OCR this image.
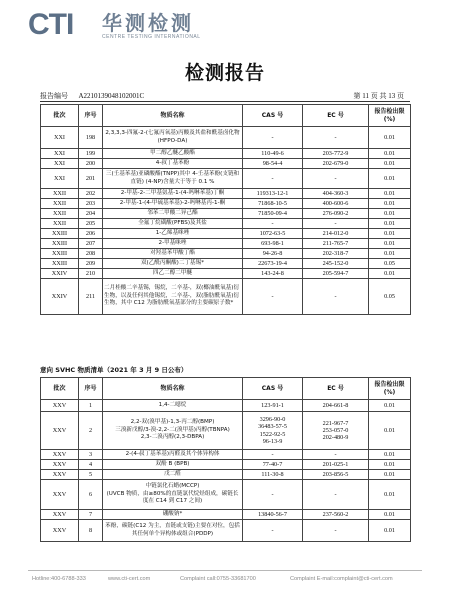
CTI 华测检测
CENTRE TESTING INTERNATIONAL
检测报告
报告编号 A2210139048102001C	第 11 页 共 13 页
批次	序号	物质名称	CAS 号	EC 号	报告检出限(%)
XXI	198	2,3,3,3-四氟-2-(七氟丙氧基)丙酸及其盐和酰基卤化物(HFPO-DA)	-	-	0.01
XXI	199	甲二醇乙醚乙酸酯	110-49-6	203-772-9	0.01
XXI	200	4-叔丁基苯酚	98-54-4	202-679-0	0.01
XXI	201	三(壬基苯基)亚磷酸酯(TNPP)其中 4-壬基苯酚(支链和直链) (4-NP)含量大于等于 0.1 %	-	-	0.01
XXII	202	2-甲基-2-二甲基氨基-1-(4-吗啉苯基)丁酮	119313-12-1	404-360-3	0.01
XXII	203	2-甲基-1-(4-甲硫基苯基)-2-吗啉基丙-1-酮	71868-10-5	400-600-6	0.01
XXII	204	邻苯二甲酸二异己酯	71850-09-4	276-090-2	0.01
XXII	205	全氟丁烷磺酸(PFBS)及其盐	-	-	0.01
XXIII	206	1-乙烯基咪唑	1072-63-5	214-012-0	0.01
XXIII	207	2-甲基咪唑	693-98-1	211-765-7	0.01
XXIII	208	对羟基苯甲酸丁酯	94-26-8	202-318-7	0.01
XXIII	209	双(乙酰丙酮酸)二丁基锡*	22673-19-4	245-152-0	0.05
XXIV	210	四乙二醇二甲醚	143-24-8	205-594-7	0.01
XXIV	211	二月桂酸二辛基锡，锡烷，二辛基-，双(椰油酰氧基)衍生物，以及任何其他锡烷，二辛基-，双(脂肪酰氧基)衍生物，其中 C12 为脂肪酰氧基部分的主要碳原子数*	-	-	0.05
意向 SVHC 物质清单（2021 年 3 月 9 日公布）
批次	序号	物质名称	CAS 号	EC 号	报告检出限(%)
XXV	1	1,4-二噁烷	123-91-1	204-661-8	0.01
XXV	2	2,2-双(溴甲基)-1,3-丙二醇(BMP)
三溴新戊醇/3-溴-2,2-二(溴甲基)丙醇(TBNPA)
2,3-二溴丙醇(2,3-DBPA)	3296-90-0
36483-57-5
1522-92-5
96-13-9	221-967-7
253-057-0
202-480-9	0.01
XXV	3	2-(4-叔丁基苯基)丙醛及其个体异构体	-	-	0.01
XXV	4	双酚 B (BPB)	77-40-7	201-025-1	0.01
XXV	5	戊二醛	111-30-8	203-856-5	0.01
XXV	6	中链氯化石蜡(MCCP)
(UVCB 物质，由≥80%的直链氯代烷烃组成，碳链长度在 C14 到 C17 之间)	-	-	0.01
XXV	7	硼酸钠*	13840-56-7	237-560-2	0.01
XXV	8	苯酚，碳链(C12 为主，直链或支链)主要在对位，包括其任何单个异构体或组合(PDDP)	-	-	0.01
Hotline:400-6788-333	www.cti-cert.com	Complaint call:0755-33681700	Complaint E-mail:complaint@cti-cert.com
